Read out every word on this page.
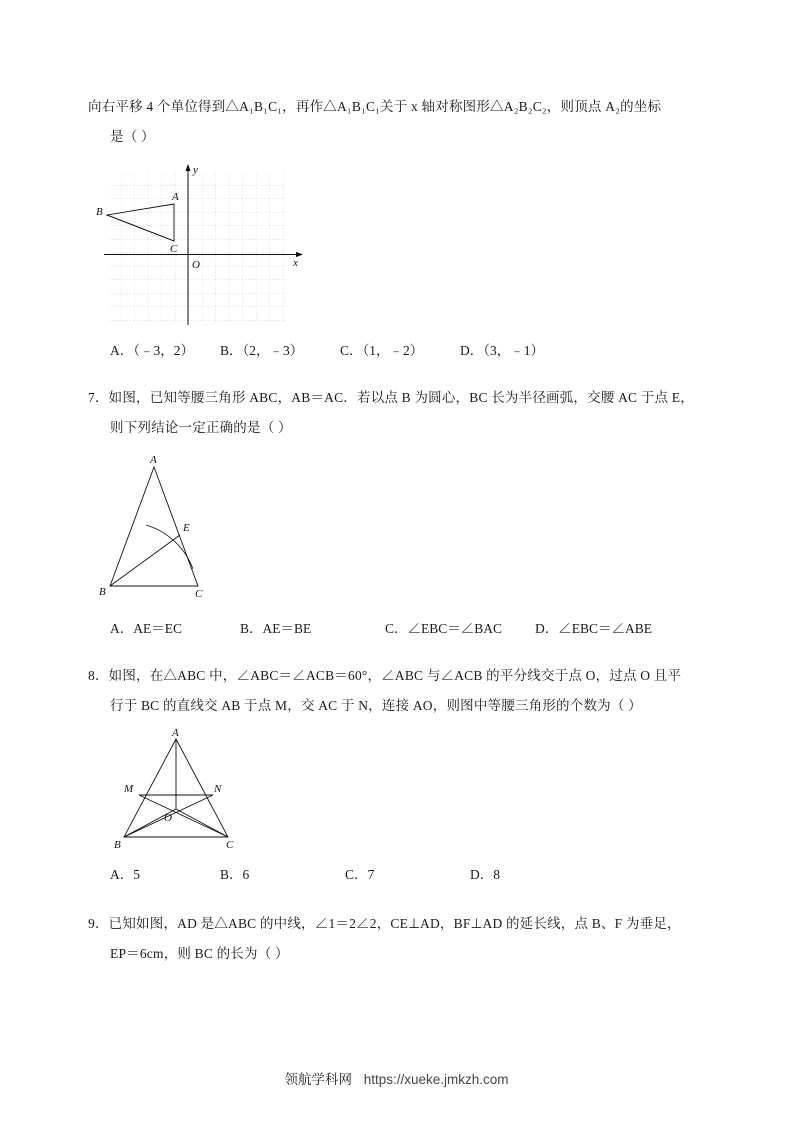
向右平移 4 个单位得到△A₁B₁C₁，再作△A₁B₁C₁关于 x 轴对称图形△A₂B₂C₂，则顶点 A₂的坐标
是（ ）
y
x
O
A
B
C
A．（﹣3，2）	B．（2，﹣3）	C．（1，﹣2）	D．（3，﹣1）
7．如图，已知等腰三角形 ABC，AB＝AC．若以点 B 为圆心，BC 长为半径画弧，交腰 AC 于点 E，
则下列结论一定正确的是（ ）
A
B	C
E
A．AE＝EC	B．AE＝BE	C．∠EBC＝∠BAC	D．∠EBC＝∠ABE
8．如图，在△ABC 中，∠ABC＝∠ACB＝60°，∠ABC 与∠ACB 的平分线交于点 O，过点 O 且平
行于 BC 的直线交 AB 于点 M，交 AC 于 N，连接 AO，则图中等腰三角形的个数为（ ）
A
B	C
M	N
O
A．5	B．6	C．7	D．8
9．已知如图，AD 是△ABC 的中线，∠1＝2∠2，CE⊥AD，BF⊥AD 的延长线，点 B、F 为垂足，
EP＝6cm，则 BC 的长为（ ）
领航学科网 https://xueke.jmkzh.com
